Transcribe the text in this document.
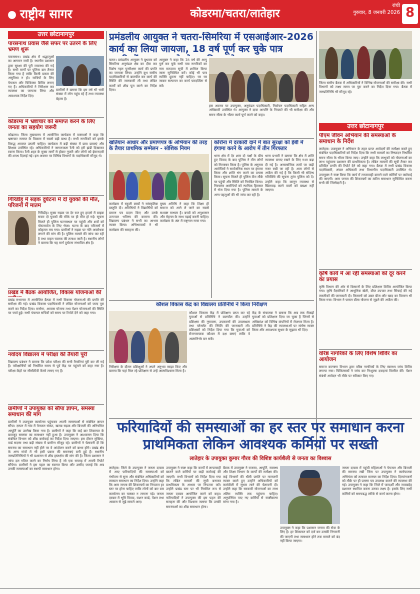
राष्ट्रीय सागर	कोडरमा/चतरा/लातेहार
रांची
गुरुवार, 8 जनवरी 2026 8
उत्तर छोटानागपुर
पारसनाथ प्रवास जैसे सफर पर उतरने के लिए भ्रमण शुरू
पारसनाथ। प्रखंड क्षेत्र में श्रद्धालुओं का आगमन जारी है। स्थानीय प्रशासन द्वारा सुरक्षा की पूरी व्यवस्था की गई है। सभी मार्गों पर पुलिस बल तैनात किया गया है ताकि किसी प्रकार की असुविधा न हो। यात्रियों के लिए पेयजल और चिकित्सा शिविर लगाए गए हैं। अधिकारियों ने निरीक्षण कर व्यवस्था का जायजा लिया और आवश्यक निर्देश दिए।
ग्रामीणों ने बताया कि इस वर्ष भी भारी संख्या में लोग पहुंच रहे हैं तथा व्यवस्था बेहतर है।
कोडरमा में भ्रष्टाचार को समाप्त करने के लिए जनता का सहयोग जरूरी
कोडरमा। जिला मुख्यालय में आयोजित कार्यक्रम में वक्ताओं ने कहा कि भ्रष्टाचार समाज के विकास में सबसे बड़ी बाधा है। सभी नागरिकों को इसके विरुद्ध आवाज उठानी चाहिए। कार्यक्रम में बड़ी संख्या में छात्र छात्राएं और शिक्षक उपस्थित रहे। अधिकारियों ने जागरूकता रैली को हरी झंडी दिखाकर रवाना किया। रैली शहर के मुख्य मार्गों से होकर गुजरी और लोगों को ईमानदारी की शपथ दिलाई गई। इस अवसर पर विभिन्न विभागों के पदाधिकारी मौजूद थे।
गिरिडीह में सड़क दुर्घटना में दो युवकों की मौत, परिजनों में मातम
गिरिडीह। मुख्य सड़क पर देर रात हुए हादसे में बाइक सवार दो युवकों की मौके पर ही मौत हो गई। सूचना मिलते ही पुलिस घटनास्थल पर पहुंची और शवों को पोस्टमार्टम के लिए भेजा। घटना के बाद परिजनों में कोहराम मच गया। ग्रामीणों ने सड़क पर गति अवरोधक लगाने की मांग की है। पुलिस मामले की जांच कर रही है तथा वाहन चालक की तलाश जारी है। स्थानीय लोगों ने बताया कि यह मार्ग दुर्घटना संभावित क्षेत्र है।
प्रखंड में बैठक आयोजित, विकास योजनाओं की
प्रखंड सभागार में आयोजित बैठक में सभी विकास योजनाओं की प्रगति की समीक्षा की गई। प्रखंड विकास पदाधिकारी ने लंबित योजनाओं को जल्द पूरा करने का निर्देश दिया। मनरेगा, आवास योजना तथा पेंशन योजनाओं की स्थिति पर चर्चा हुई। सभी पंचायत सचिवों को समय पर रिपोर्ट देने को कहा गया।
नवोदय विद्यालय में परीक्षा की तैयारी पूरी
विद्यालय प्रबंधन ने बताया कि प्रवेश परीक्षा की सभी तैयारियां पूरी कर ली गई हैं। परीक्षार्थियों को निर्धारित समय से पूर्व केंद्र पर पहुंचने को कहा गया है। परीक्षा केंद्रों पर सीसीटीवी कैमरे लगाए गए हैं।
ग्रामीणों ने उपायुक्त को सौंपा ज्ञापन, समस्या समाधान की मांग
ग्रामीणों ने उपायुक्त कार्यालय पहुंचकर अपनी समस्याओं से संबंधित ज्ञापन सौंपा। ज्ञापन में गांव में पेयजल संकट, खराब सड़क और बिजली की अनियमित आपूर्ति का उल्लेख किया गया है। ग्रामीणों ने कहा कि कई बार शिकायत के बावजूद समस्या का समाधान नहीं हुआ है। उपायुक्त ने आश्वासन दिया कि संबंधित विभाग को शीघ्र कार्रवाई का निर्देश दिया जाएगा। इस दौरान मुखिया, वार्ड सदस्य तथा बड़ी संख्या में ग्रामीण मौजूद रहे। ग्रामीणों ने चेतावनी दी कि समस्या का समाधान नहीं होने पर वे आंदोलन करने को बाध्य होंगे। प्रखंड क्षेत्र के अन्य गांवों में भी इसी प्रकार की समस्याएं बनी हुई हैं। स्थानीय जनप्रतिनिधियों ने भी प्रशासन से शीघ्र हस्तक्षेप की मांग की है। जिला प्रशासन ने जांच दल गठित करने का निर्णय लिया है जो एक सप्ताह में अपनी रिपोर्ट सौंपेगा। ग्रामीणों ने इस पहल का स्वागत किया और उम्मीद जताई कि अब उनकी समस्याओं का स्थायी समाधान होगा।
प्रमंडलीय आयुक्त ने चतरा-सिमरिया में एसआईआर-2026 कार्य का लिया जायजा, 18 वर्ष पूर्ण कर चुके पात्र
चतरा। प्रमंडलीय आयुक्त ने बुधवार को सिमरिया अनुमंडल क्षेत्र का दौरा कर विशेष गहन पुनरीक्षण कार्य की प्रगति का जायजा लिया। उन्होंने बूथ स्तरीय पदाधिकारियों से बातचीत कर कार्य की स्थिति की जानकारी ली तथा लंबित कार्यों को शीघ्र पूरा करने का निर्देश दिया।
आयुक्त ने कहा कि 18 वर्ष की आयु पूर्ण कर चुके सभी पात्र नागरिकों का नाम मतदाता सूची में शामिल किया जाना सुनिश्चित करें। कोई भी पात्र व्यक्ति छूटना नहीं चाहिए। घर घर जाकर सत्यापन का कार्य पारदर्शिता से करें।
इस अवसर पर उपायुक्त, अनुमंडल पदाधिकारी, निर्वाचन पदाधिकारी सहित अन्य अधिकारी उपस्थित थे। आयुक्त ने दावा आपत्ति के निपटारे की भी समीक्षा की और समय सीमा के भीतर कार्य पूर्ण करने को कहा।
खतियान आधार और प्रमाणपत्र के अभियान की तरह के तैयार प्राथमिक सम्मेलन - सोशिक नियम
कार्यक्रम में स्कूली बच्चों ने सांस्कृतिक प्रस्तुति दी। अतिथियों ने विद्यार्थियों को प्रमाण पत्र प्रदान किए और उनके उज्ज्वल भविष्य की कामना की। विद्यालय प्रबंधन ने सभी का आभार व्यक्त किया। अभिभावकों ने भी कार्यक्रम की सराहना की।
मुख्य अतिथि ने कहा कि शिक्षा ही समाज को आगे ले जाने का सबसे सशक्त माध्यम है। बच्चों को अनुशासन और मेहनत के साथ पढ़ाई करनी चाहिए। कार्यक्रम के अंत में राष्ट्रगान गाया गया।
कोरोना में दरकारी दाने में बात सुरक्षा को ईबी में हंगामा करने के आरोप में तीन गिरफ्तार
थाना क्षेत्र में देर शाम दो पक्षों के बीच हुए विवाद के बाद पुलिस ने तीन लोगों को गिरफ्तार किया है। पुलिस के अनुसार आरोपियों ने सार्वजनिक स्थल पर हंगामा किया और शांति भंग करने का प्रयास किया। सूचना मिलते ही पुलिस टीम मौके पर पहुंची और स्थिति को नियंत्रित किया। गिरफ्तार आरोपियों को न्यायिक हिरासत में भेज दिया गया है। पुलिस मामले के अन्य पहलुओं की भी जांच कर रही है।
थाना प्रभारी ने बताया कि क्षेत्र में शांति व्यवस्था बनाए रखने के लिए गश्त बढ़ा दी गई है। असामाजिक तत्वों पर कड़ी नजर रखी जा रही है। आम लोगों से अपील की गई है कि किसी भी संदिग्ध गतिविधि की सूचना तुरंत पुलिस को दें। उन्होंने कहा कि कानून व्यवस्था से खिलवाड़ करने वालों को बख्शा नहीं जाएगा।
कौशल विकास केंद्र का विद्यालय प्रतिनिधि ने किया निरीक्षण
कौशल विकास केंद्र में प्रशिक्षण प्राप्त कर रहे युवाओं से प्रतिनिधि ने बातचीत की। उन्होंने प्रशिक्षण की गुणवत्ता, उपकरणों की उपलब्धता तथा प्लेसमेंट की स्थिति की जानकारी ली। प्रशिक्षकों को निर्देश दिया गया कि युवाओं को रोजगारपरक कौशल में दक्ष बनाएं ताकि वे आत्मनिर्भर बन सकें।
केंद्र के संचालक ने बताया कि अब तक सैकड़ों युवाओं को प्रशिक्षण दिया जा चुका है जिनमें से अधिकांश को विभिन्न कंपनियों में रोजगार मिला है। प्रतिनिधि ने केंद्र की व्यवस्थाओं पर संतोष व्यक्त किया और आवश्यक सुधार के सुझाव भी दिए।
निरीक्षण के दौरान प्रशिक्षुओं ने अपने अनुभव साझा किए और बताया कि यहां मिल रहे प्रशिक्षण से उन्हें आत्मविश्वास मिला है।
जिला स्तरीय बैठक में अधिकारियों ने विभिन्न योजनाओं की समीक्षा की। सभी विभागों को लक्ष्य समय पर पूरा करने का निर्देश दिया गया। बैठक में जनप्रतिनिधि भी मौजूद रहे।
उत्तर छोटानागपुर
पीएम जीवन अभियान की समस्याओं के समाधान के निर्देश
लातेहार। उपायुक्त ने अभियान के तहत प्राप्त आवेदनों की समीक्षा करते हुए संबंधित पदाधिकारियों को निर्देश दिया कि सभी मामलों का निष्पादन निर्धारित समय सीमा के भीतर किया जाए। उन्होंने कहा कि लाभुकों को योजनाओं का लाभ पहुंचाना प्रशासन की प्राथमिकता है। लंबित मामलों की सूची तैयार कर प्रतिदिन प्रगति की रिपोर्ट देने को कहा गया। बैठक में सभी प्रखंड विकास पदाधिकारी, अंचल अधिकारी तथा विभागीय पदाधिकारी उपस्थित थे। उपायुक्त ने स्पष्ट किया कि कार्य में लापरवाही बरतने वाले कर्मियों पर कार्रवाई की जाएगी। आम जनता की शिकायतों का त्वरित समाधान सुनिश्चित करना सभी की जिम्मेदारी है।
कृषि कार्य में आ रही समस्याओं को दूर करने का प्रयास
कृषि विभाग की ओर से किसानों के लिए प्रशिक्षण शिविर आयोजित किया गया। कृषि वैज्ञानिकों ने आधुनिक खेती, बीज उपचार तथा सिंचाई की नई तकनीकों की जानकारी दी। किसानों को उन्नत बीज और खाद का वितरण भी किया गया। विभाग ने फसल बीमा योजना से जुड़ने की अपील की।
वरिष्ठ नागरिकों के लिए विशेष शिविर का आयोजन
समाज कल्याण विभाग द्वारा वरिष्ठ नागरिकों के लिए स्वास्थ्य जांच शिविर लगाया गया। चिकित्सकों ने जांच कर निःशुल्क दवाइयां वितरित कीं। पेंशन संबंधी आवेदन भी मौके पर स्वीकार किए गए।
फरियादियों की समस्याओं का हर स्तर पर समाधान करना प्राथमिकता लेकिन आवश्यक कर्मियों पर सख्ती
लातेहार के उपायुक्त कुमार गौरव की विशिष्ट कार्यशैली से जनता का विश्वास
लातेहार। जिले के उपायुक्त ने जनता दरबार में आए फरियादियों की समस्याओं को गंभीरता से सुना और संबंधित अधिकारियों को तत्काल समाधान का निर्देश दिया। उन्होंने कहा कि आम जनता की शिकायतों का निपटारा हर स्तर पर होना चाहिए ताकि लोगों को बार बार कार्यालय का चक्कर न लगाना पड़े। जनता दरबार में भूमि विवाद, राशन कार्ड, पेंशन तथा आवास से जुड़े मामले आए।
उपायुक्त ने स्पष्ट कहा कि कार्यों में लापरवाही बरतने वाले कर्मियों पर कड़ी कार्रवाई की जाएगी। सभी विभागों को निर्देश दिया गया कि लंबित मामलों की सूची बनाकर प्राथमिकता के आधार पर निपटारा करें। उन्होंने प्रखंड स्तर पर भी नियमित रूप से जनता दरबार आयोजित करने को कहा। फरियादियों ने उपायुक्त की इस पहल की सराहना की और विश्वास जताया कि उनकी समस्याओं का शीघ्र समाधान होगा।
बैठक में उपायुक्त ने राजस्व, आपूर्ति, स्वास्थ्य और शिक्षा विभाग के कार्यों की समीक्षा की। कई विभागों की धीमी प्रगति पर नाराजगी व्यक्त करते हुए उन्होंने अधिकारियों को कार्यशैली में सुधार लाने की चेतावनी दी। उन्होंने कहा कि सरकारी योजनाओं का लाभ अंतिम व्यक्ति तक पहुंचना चाहिए। अनुपस्थित पाए गए कर्मियों से स्पष्टीकरण मांगा गया है।
उपायुक्त ने कहा कि प्रशासन जनता की सेवा के लिए है। हर शिकायत को दर्ज कर उसकी निगरानी की जाएगी तथा समाधान होने तक मामले को बंद नहीं किया जाएगा।
जनता दरबार में पहुंची महिलाओं ने पेयजल और बिजली की समस्या रखी जिस पर उपायुक्त ने कार्यपालक अभियंता को तत्काल मरम्मत का निर्देश दिया। दिव्यांगजनों को मौके पर ही प्रमाण पत्र उपलब्ध कराने की व्यवस्था की गई। उपायुक्त ने कहा कि जिले में पारदर्शी और जवाबदेह प्रशासन स्थापित करना उनका लक्ष्य है। इसके लिए सभी कर्मियों को समयबद्ध तरीके से कार्य करना होगा।
